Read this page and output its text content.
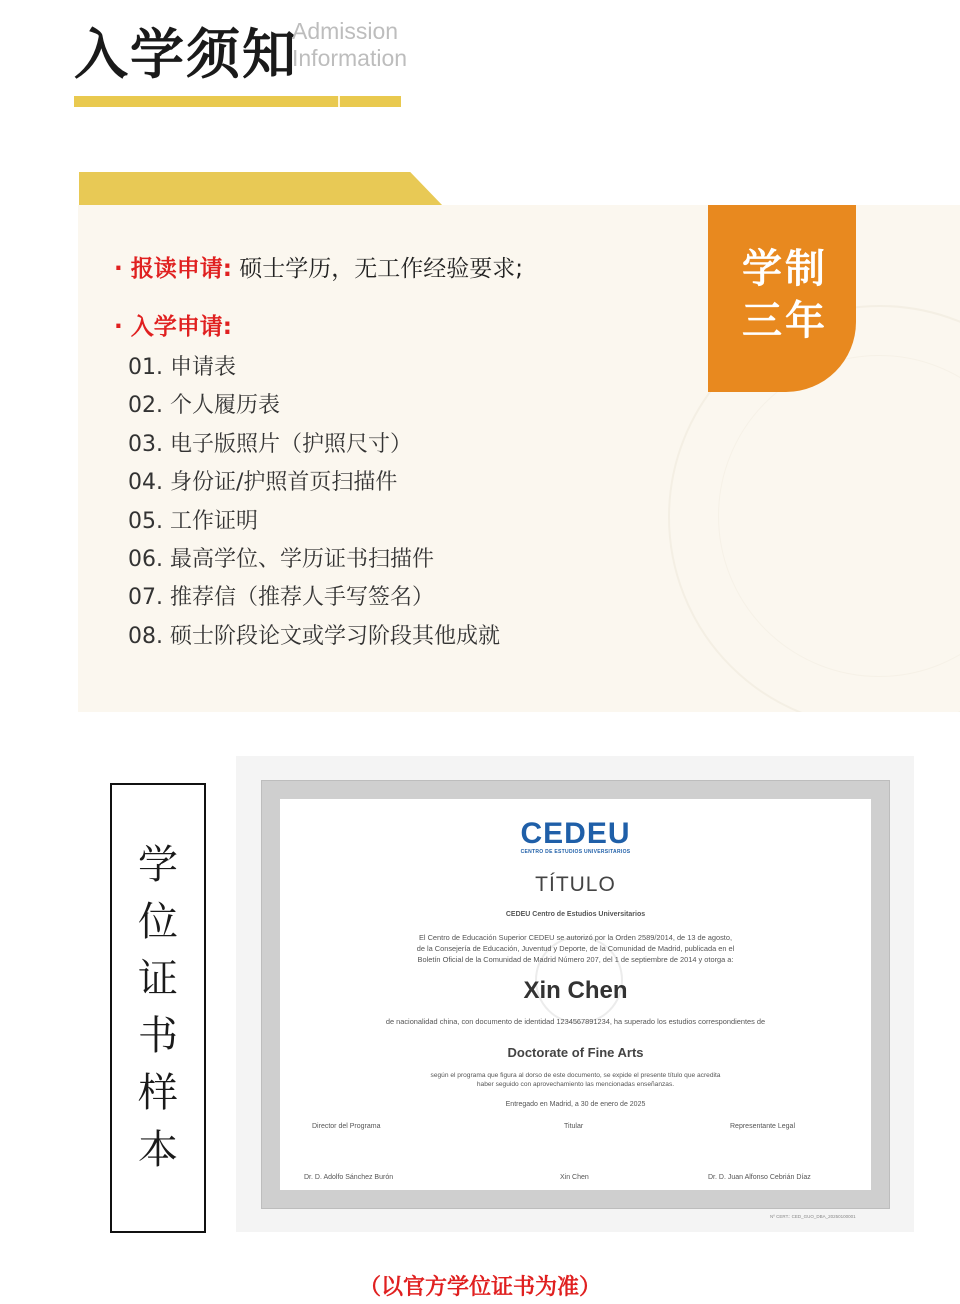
入学须知
Admission
Information
学制
三年
· 报读申请: 硕士学历，无工作经验要求;
· 入学申请:
01. 申请表
02. 个人履历表
03. 电子版照片（护照尺寸）
04. 身份证/护照首页扫描件
05. 工作证明
06. 最高学位、学历证书扫描件
07. 推荐信（推荐人手写签名）
08. 硕士阶段论文或学习阶段其他成就
学
位
证
书
样
本
CEDEU
CENTRO DE ESTUDIOS UNIVERSITARIOS
TÍTULO
CEDEU Centro de Estudios Universitarios
El Centro de Educación Superior CEDEU se autorizó por la Orden 2589/2014, de 13 de agosto,
de la Consejería de Educación, Juventud y Deporte, de la Comunidad de Madrid, publicada en el
Boletín Oficial de la Comunidad de Madrid Número 207, del 1 de septiembre de 2014 y otorga a:
Xin Chen
de nacionalidad china, con documento de identidad 1234567891234, ha superado los estudios correspondientes de
Doctorate of Fine Arts
según el programa que figura al dorso de este documento, se expide el presente título que acredita
haber seguido con aprovechamiento las mencionadas enseñanzas.
Entregado en Madrid, a 30 de enero de 2025
Director del Programa	Titular	Representante Legal
Dr. D. Adolfo Sánchez Burón	Xin Chen	Dr. D. Juan Alfonso Cebrián Díaz
Nº CERT.: CED_GUO_DBA_20250100001
（以官方学位证书为准）
